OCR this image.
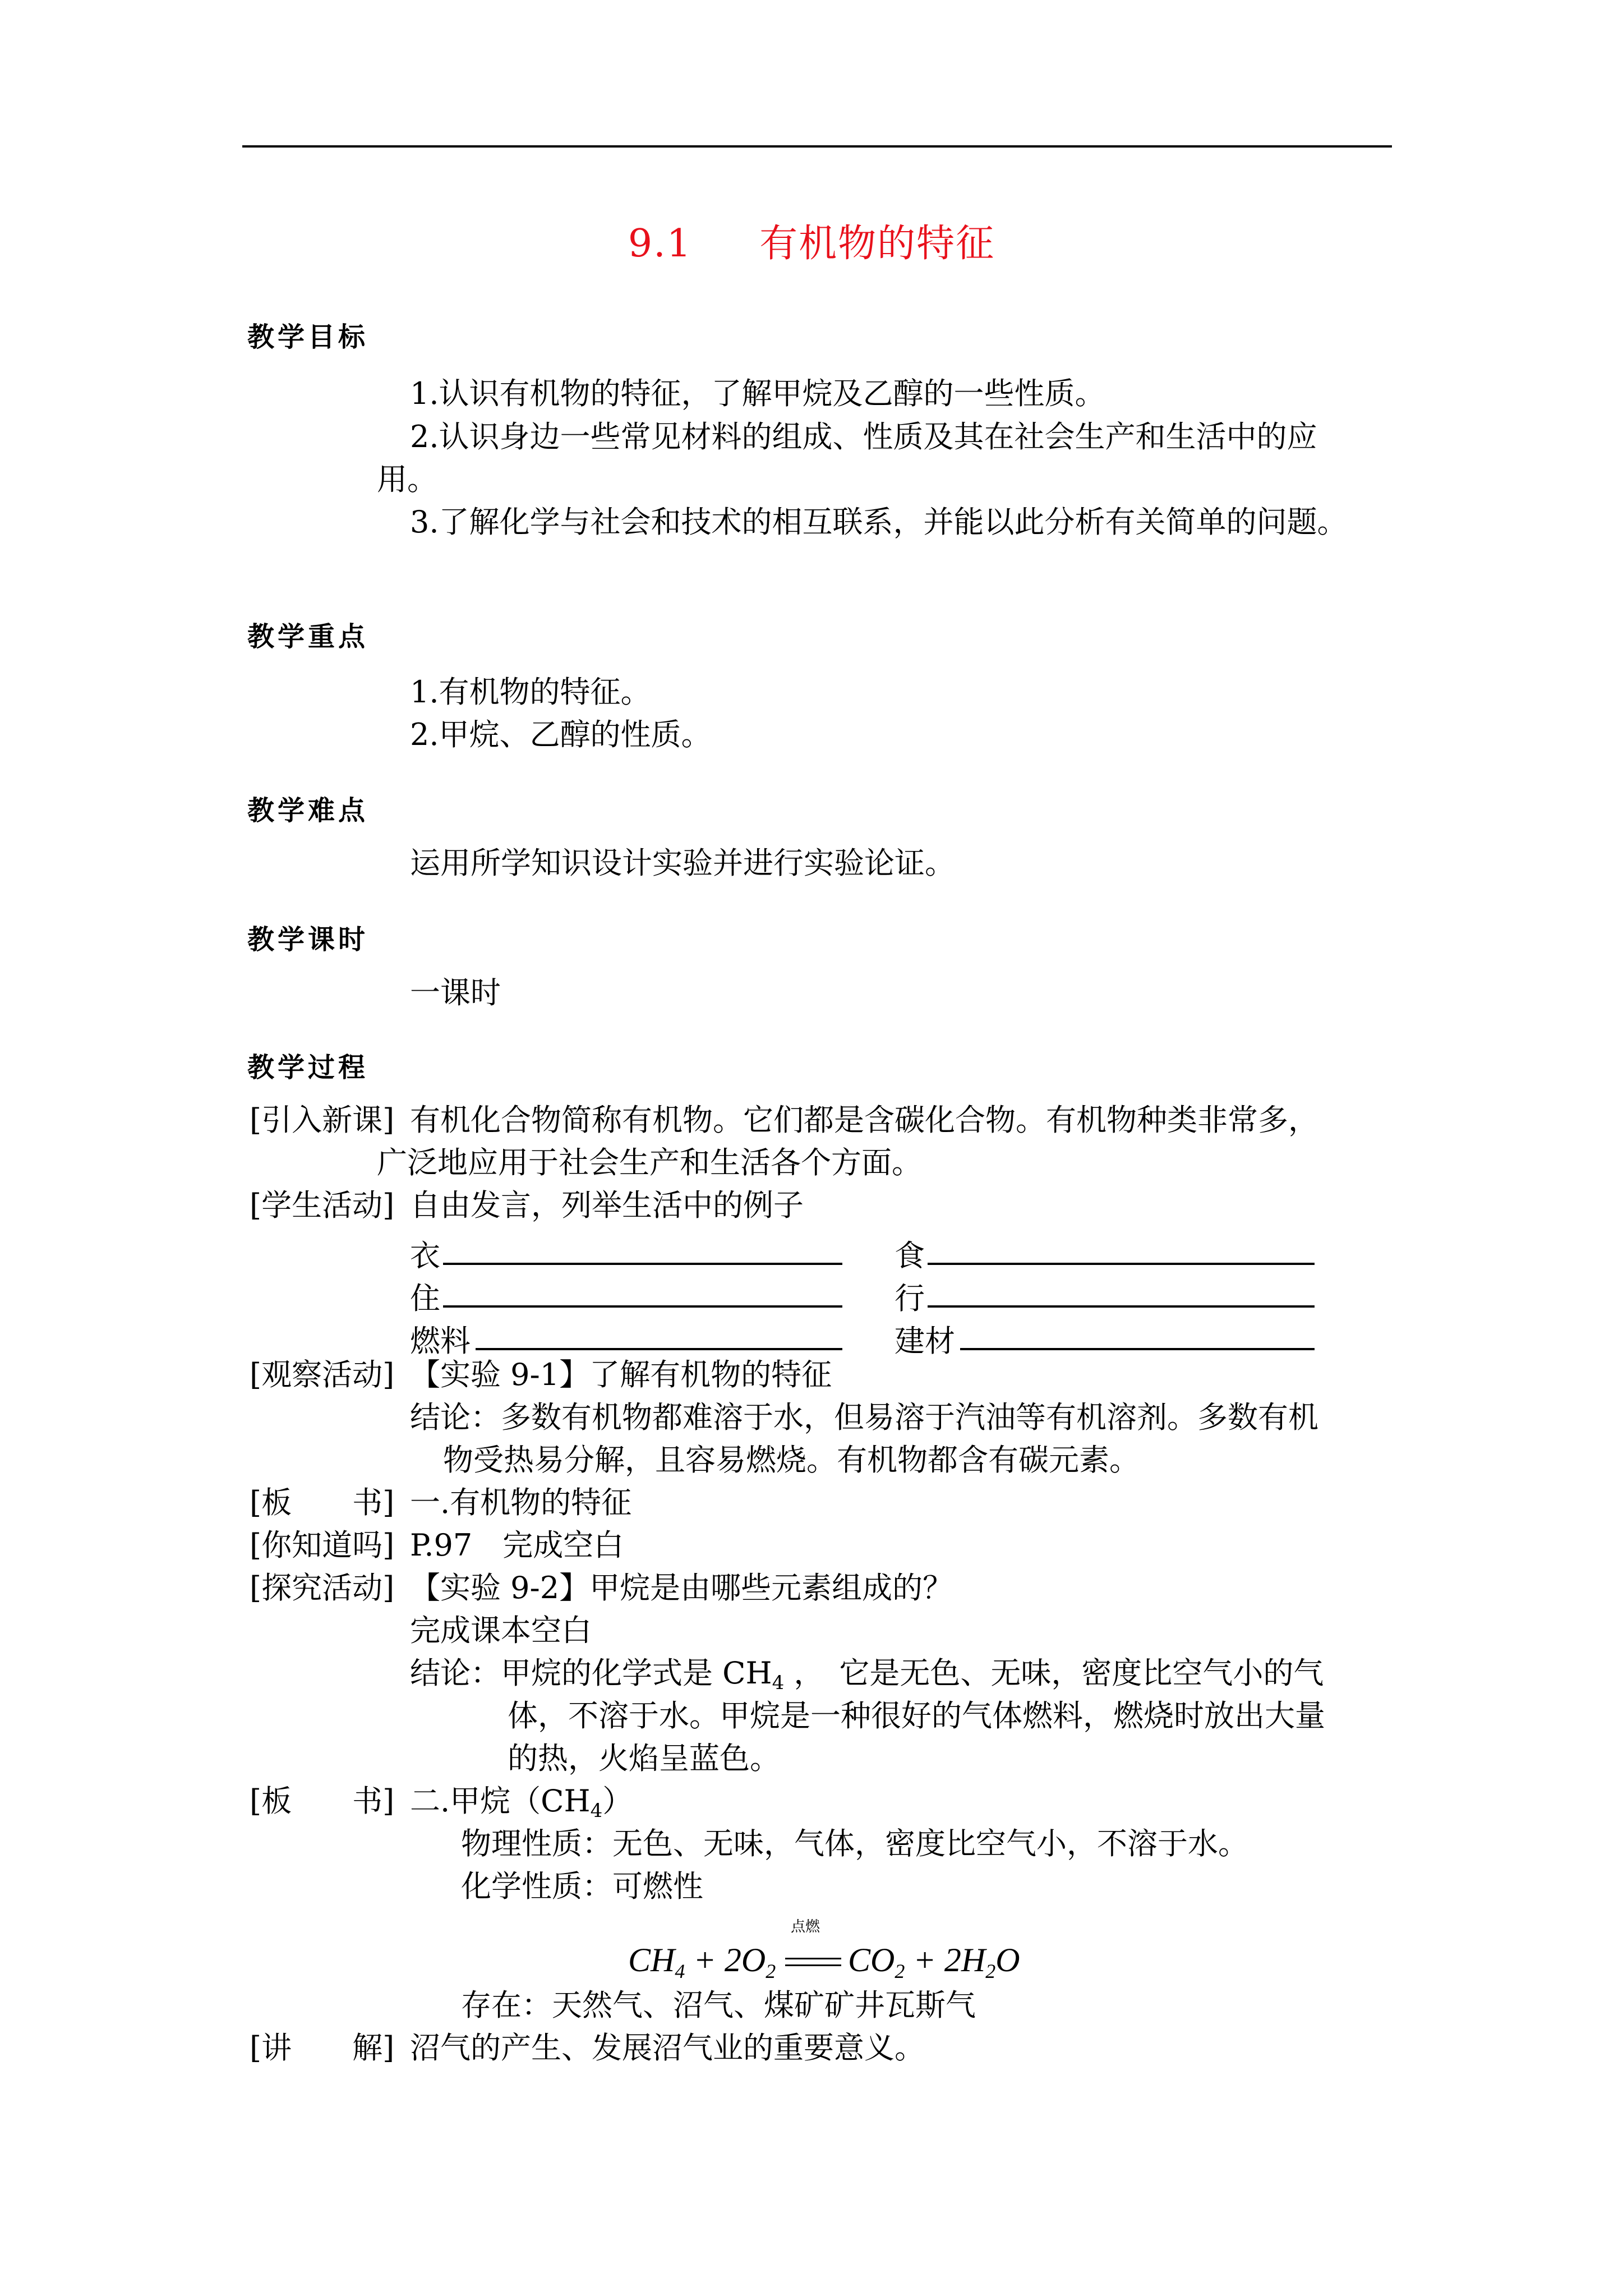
9.1 有机物的特征
教学目标
1.认识有机物的特征，了解甲烷及乙醇的一些性质。
2.认识身边一些常见材料的组成、性质及其在社会生产和生活中的应
用。
3.了解化学与社会和技术的相互联系，并能以此分析有关简单的问题。
教学重点
1.有机物的特征。
2.甲烷、乙醇的性质。
教学难点
运用所学知识设计实验并进行实验论证。
教学课时
一课时
教学过程
[引入新课] 有机化合物简称有机物。它们都是含碳化合物。有机物种类非常多，
广泛地应用于社会生产和生活各个方面。
[学生活动] 自由发言，列举生活中的例子
衣	食
住	行
燃料	建材
[观察活动] 【实验 9-1】了解有机物的特征
结论：多数有机物都难溶于水，但易溶于汽油等有机溶剂。多数有机
物受热易分解，且容易燃烧。有机物都含有碳元素。
[板　　书] 一.有机物的特征
[你知道吗] P.97　完成空白
[探究活动] 【实验 9-2】甲烷是由哪些元素组成的？
完成课本空白
结论：甲烷的化学式是 $CH_4$ ，　它是无色、无味，密度比空气小的气
体，不溶于水。甲烷是一种很好的气体燃料，燃烧时放出大量
的热，火焰呈蓝色。
[板　　书] 二.甲烷$(CH_4)$
物理性质：无色、无味，气体，密度比空气小，不溶于水。
化学性质：可燃性
点燃
$CH_4 + 2O_2$ $CO_2 + 2H_2O$
存在：天然气、沼气、煤矿矿井瓦斯气
[讲　　解] 沼气的产生、发展沼气业的重要意义。
